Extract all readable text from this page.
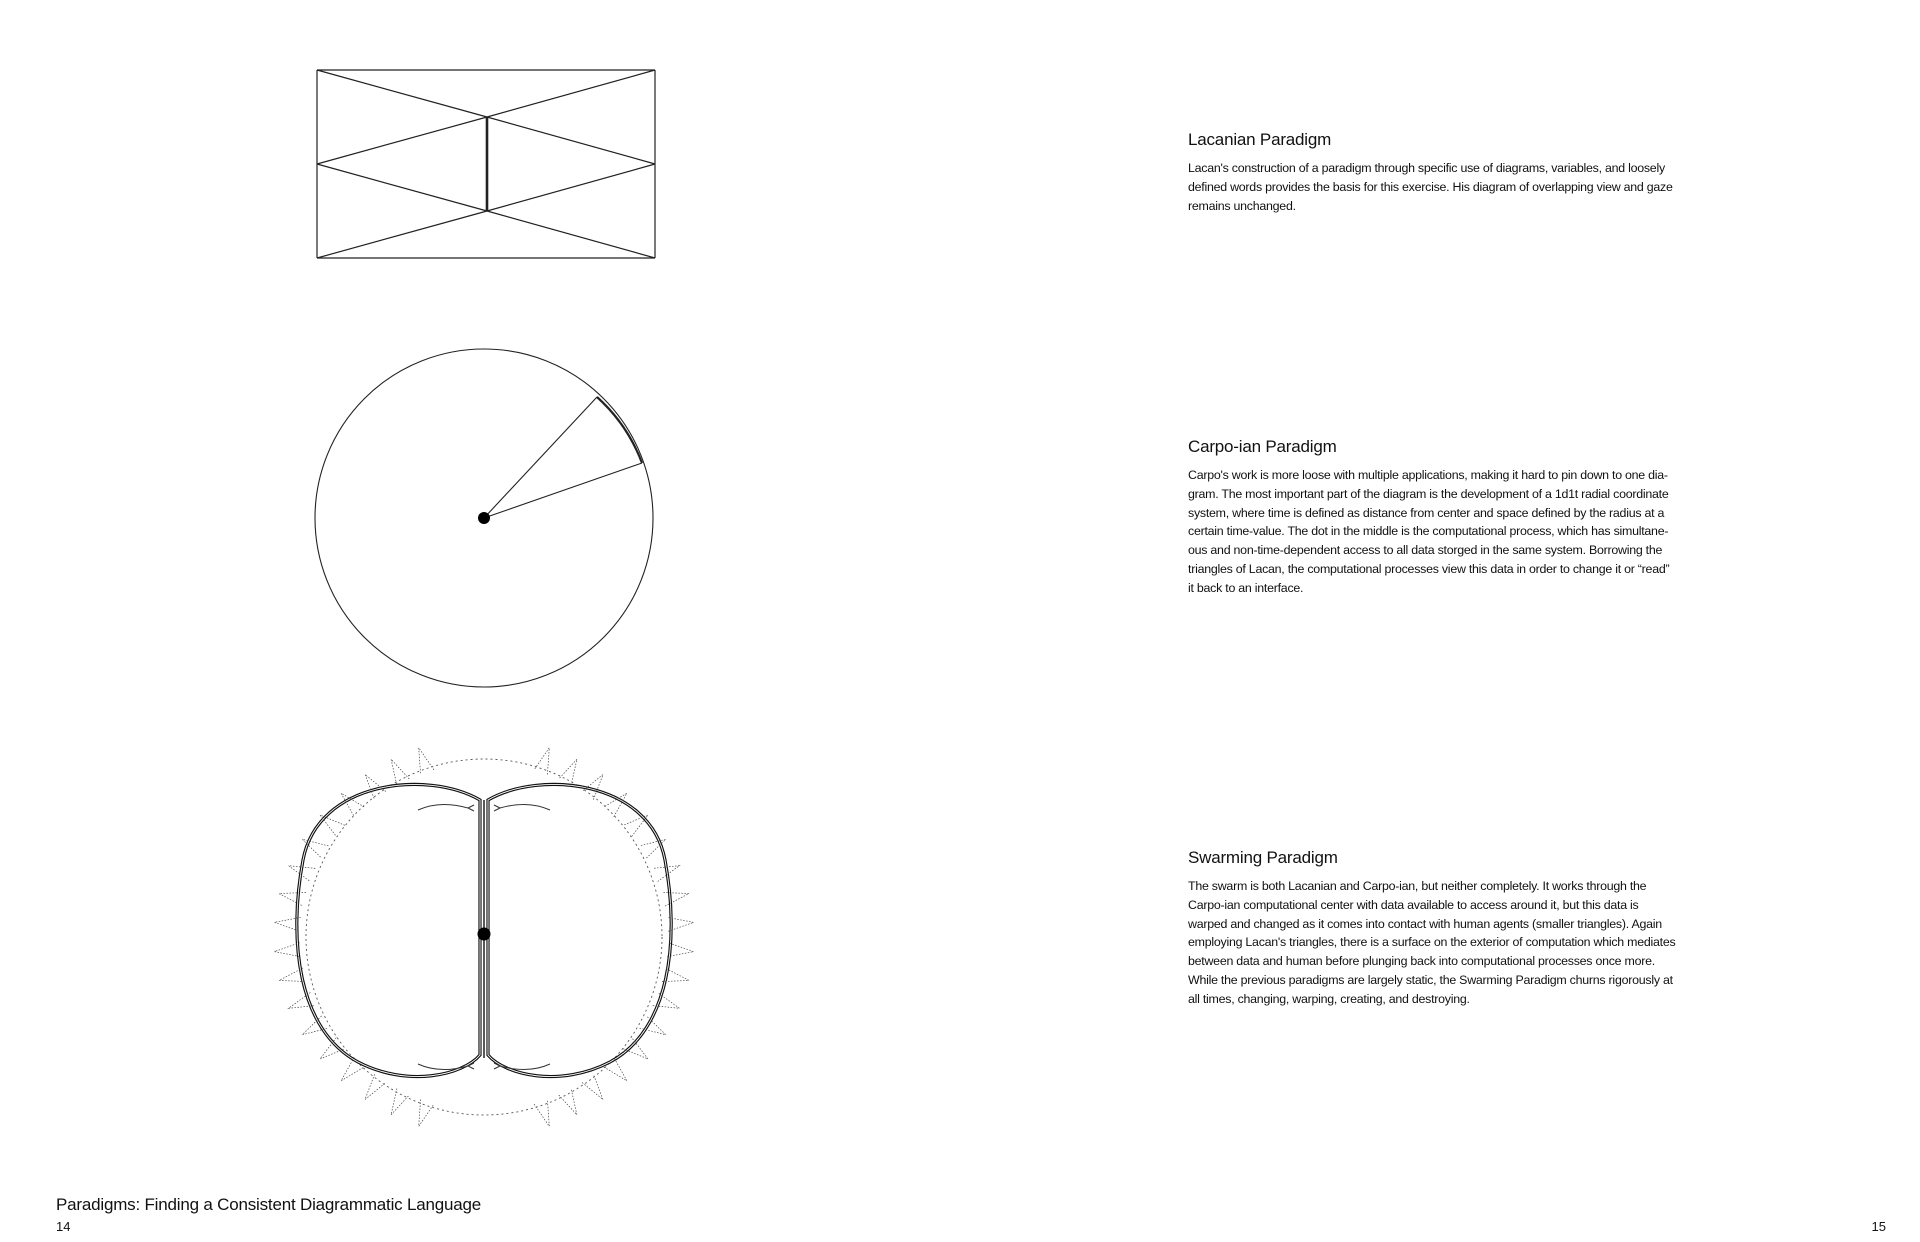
Lacanian Paradigm

Lacan's construction of a paradigm through specific use of diagrams, variables, and loosely
defined words provides the basis for this exercise. His diagram of overlapping view and gaze
remains unchanged.

Carpo-ian Paradigm

Carpo's work is more loose with multiple applications, making it hard to pin down to one dia-
gram. The most important part of the diagram is the development of a 1d1t radial coordinate
system, where time is defined as distance from center and space defined by the radius at a
certain time-value. The dot in the middle is the computational process, which has simultane-
ous and non-time-dependent access to all data storged in the same system. Borrowing the
triangles of Lacan, the computational processes view this data in order to change it or “read”
it back to an interface.

Swarming Paradigm

The swarm is both Lacanian and Carpo-ian, but neither completely. It works through the
Carpo-ian computational center with data available to access around it, but this data is
warped and changed as it comes into contact with human agents (smaller triangles). Again
employing Lacan's triangles, there is a surface on the exterior of computation which mediates
between data and human before plunging back into computational processes once more.
While the previous paradigms are largely static, the Swarming Paradigm churns rigorously at
all times, changing, warping, creating, and destroying.

Paradigms: Finding a Consistent Diagrammatic Language
14	15
